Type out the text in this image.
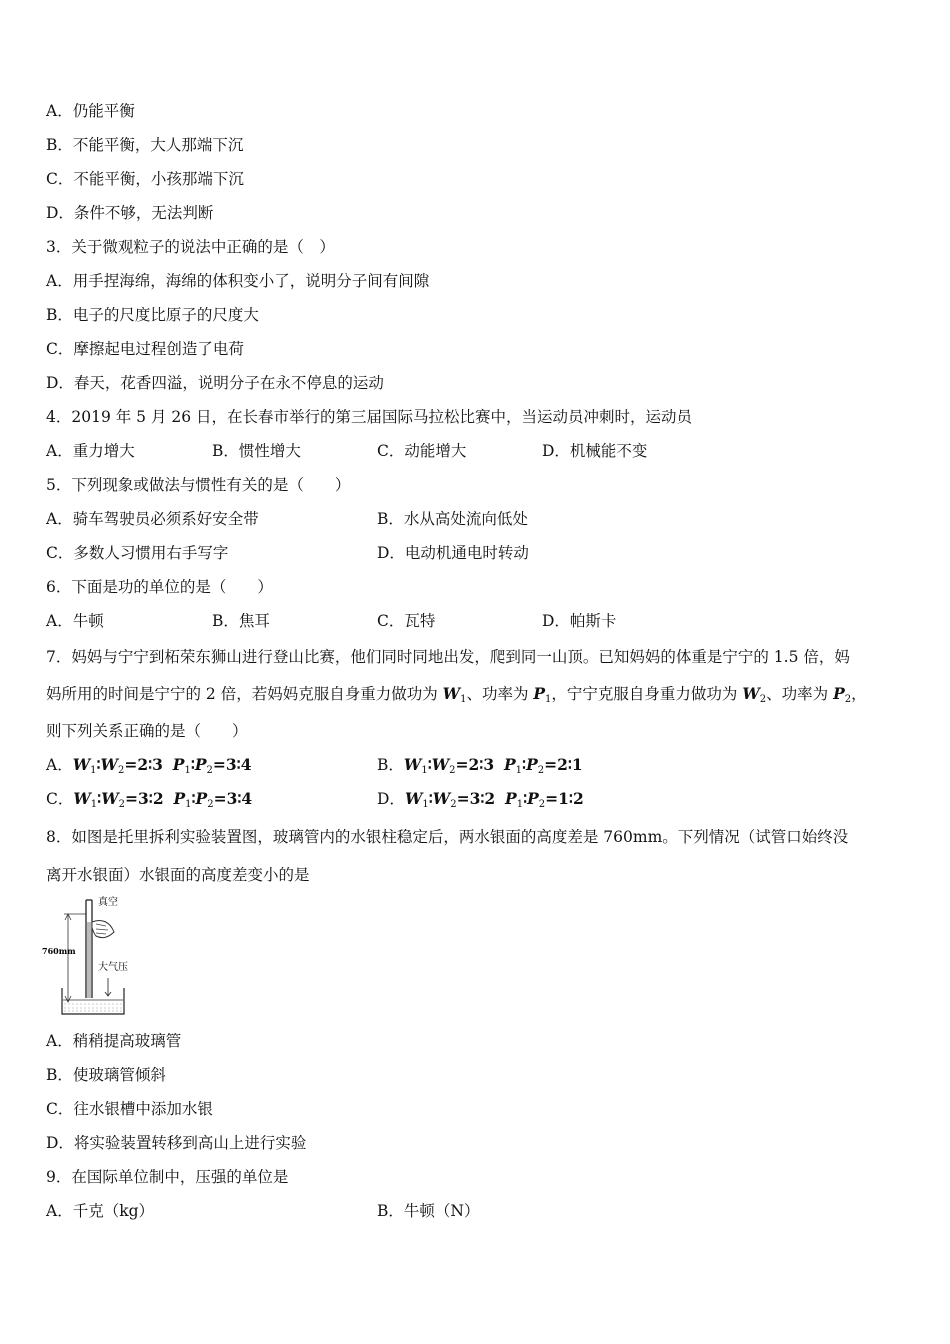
A．仍能平衡
B．不能平衡，大人那端下沉
C．不能平衡，小孩那端下沉
D．条件不够，无法判断
3．关于微观粒子的说法中正确的是（　）
A．用手捏海绵，海绵的体积变小了，说明分子间有间隙
B．电子的尺度比原子的尺度大
C．摩擦起电过程创造了电荷
D．春天，花香四溢，说明分子在永不停息的运动
4．2019 年 5 月 26 日，在长春市举行的第三届国际马拉松比赛中，当运动员冲刺时，运动员
A．重力增大	B．惯性增大	C．动能增大	D．机械能不变
5．下列现象或做法与惯性有关的是（　　）
A．骑车驾驶员必须系好安全带	B．水从高处流向低处
C．多数人习惯用右手写字	D．电动机通电时转动
6．下面是功的单位的是（　　）
A．牛顿	B．焦耳	C．瓦特	D．帕斯卡
7．妈妈与宁宁到柘荣东狮山进行登山比赛，他们同时同地出发，爬到同一山顶。已知妈妈的体重是宁宁的 1.5 倍，妈
妈所用的时间是宁宁的 2 倍，若妈妈克服自身重力做功为 $W_1$、功率为 $P_1$，宁宁克服自身重力做功为 $W_2$、功率为 $P_2$，
则下列关系正确的是（　　）
A．$W_1∶W_2=2∶3$ $P_1∶P_2=3∶4$	B．$W_1∶W_2=2∶3$ $P_1∶P_2=2∶1$
C．$W_1∶W_2=3∶2$ $P_1∶P_2=3∶4$	D．$W_1∶W_2=3∶2$ $P_1∶P_2=1∶2$
8．如图是托里拆利实验装置图，玻璃管内的水银柱稳定后，两水银面的高度差是 760mm。下列情况（试管口始终没
离开水银面）水银面的高度差变小的是
真空
760mm
大气压
A．稍稍提高玻璃管
B．使玻璃管倾斜
C．往水银槽中添加水银
D．将实验装置转移到高山上进行实验
9．在国际单位制中，压强的单位是
A．千克（kg）	B．牛顿（N）
